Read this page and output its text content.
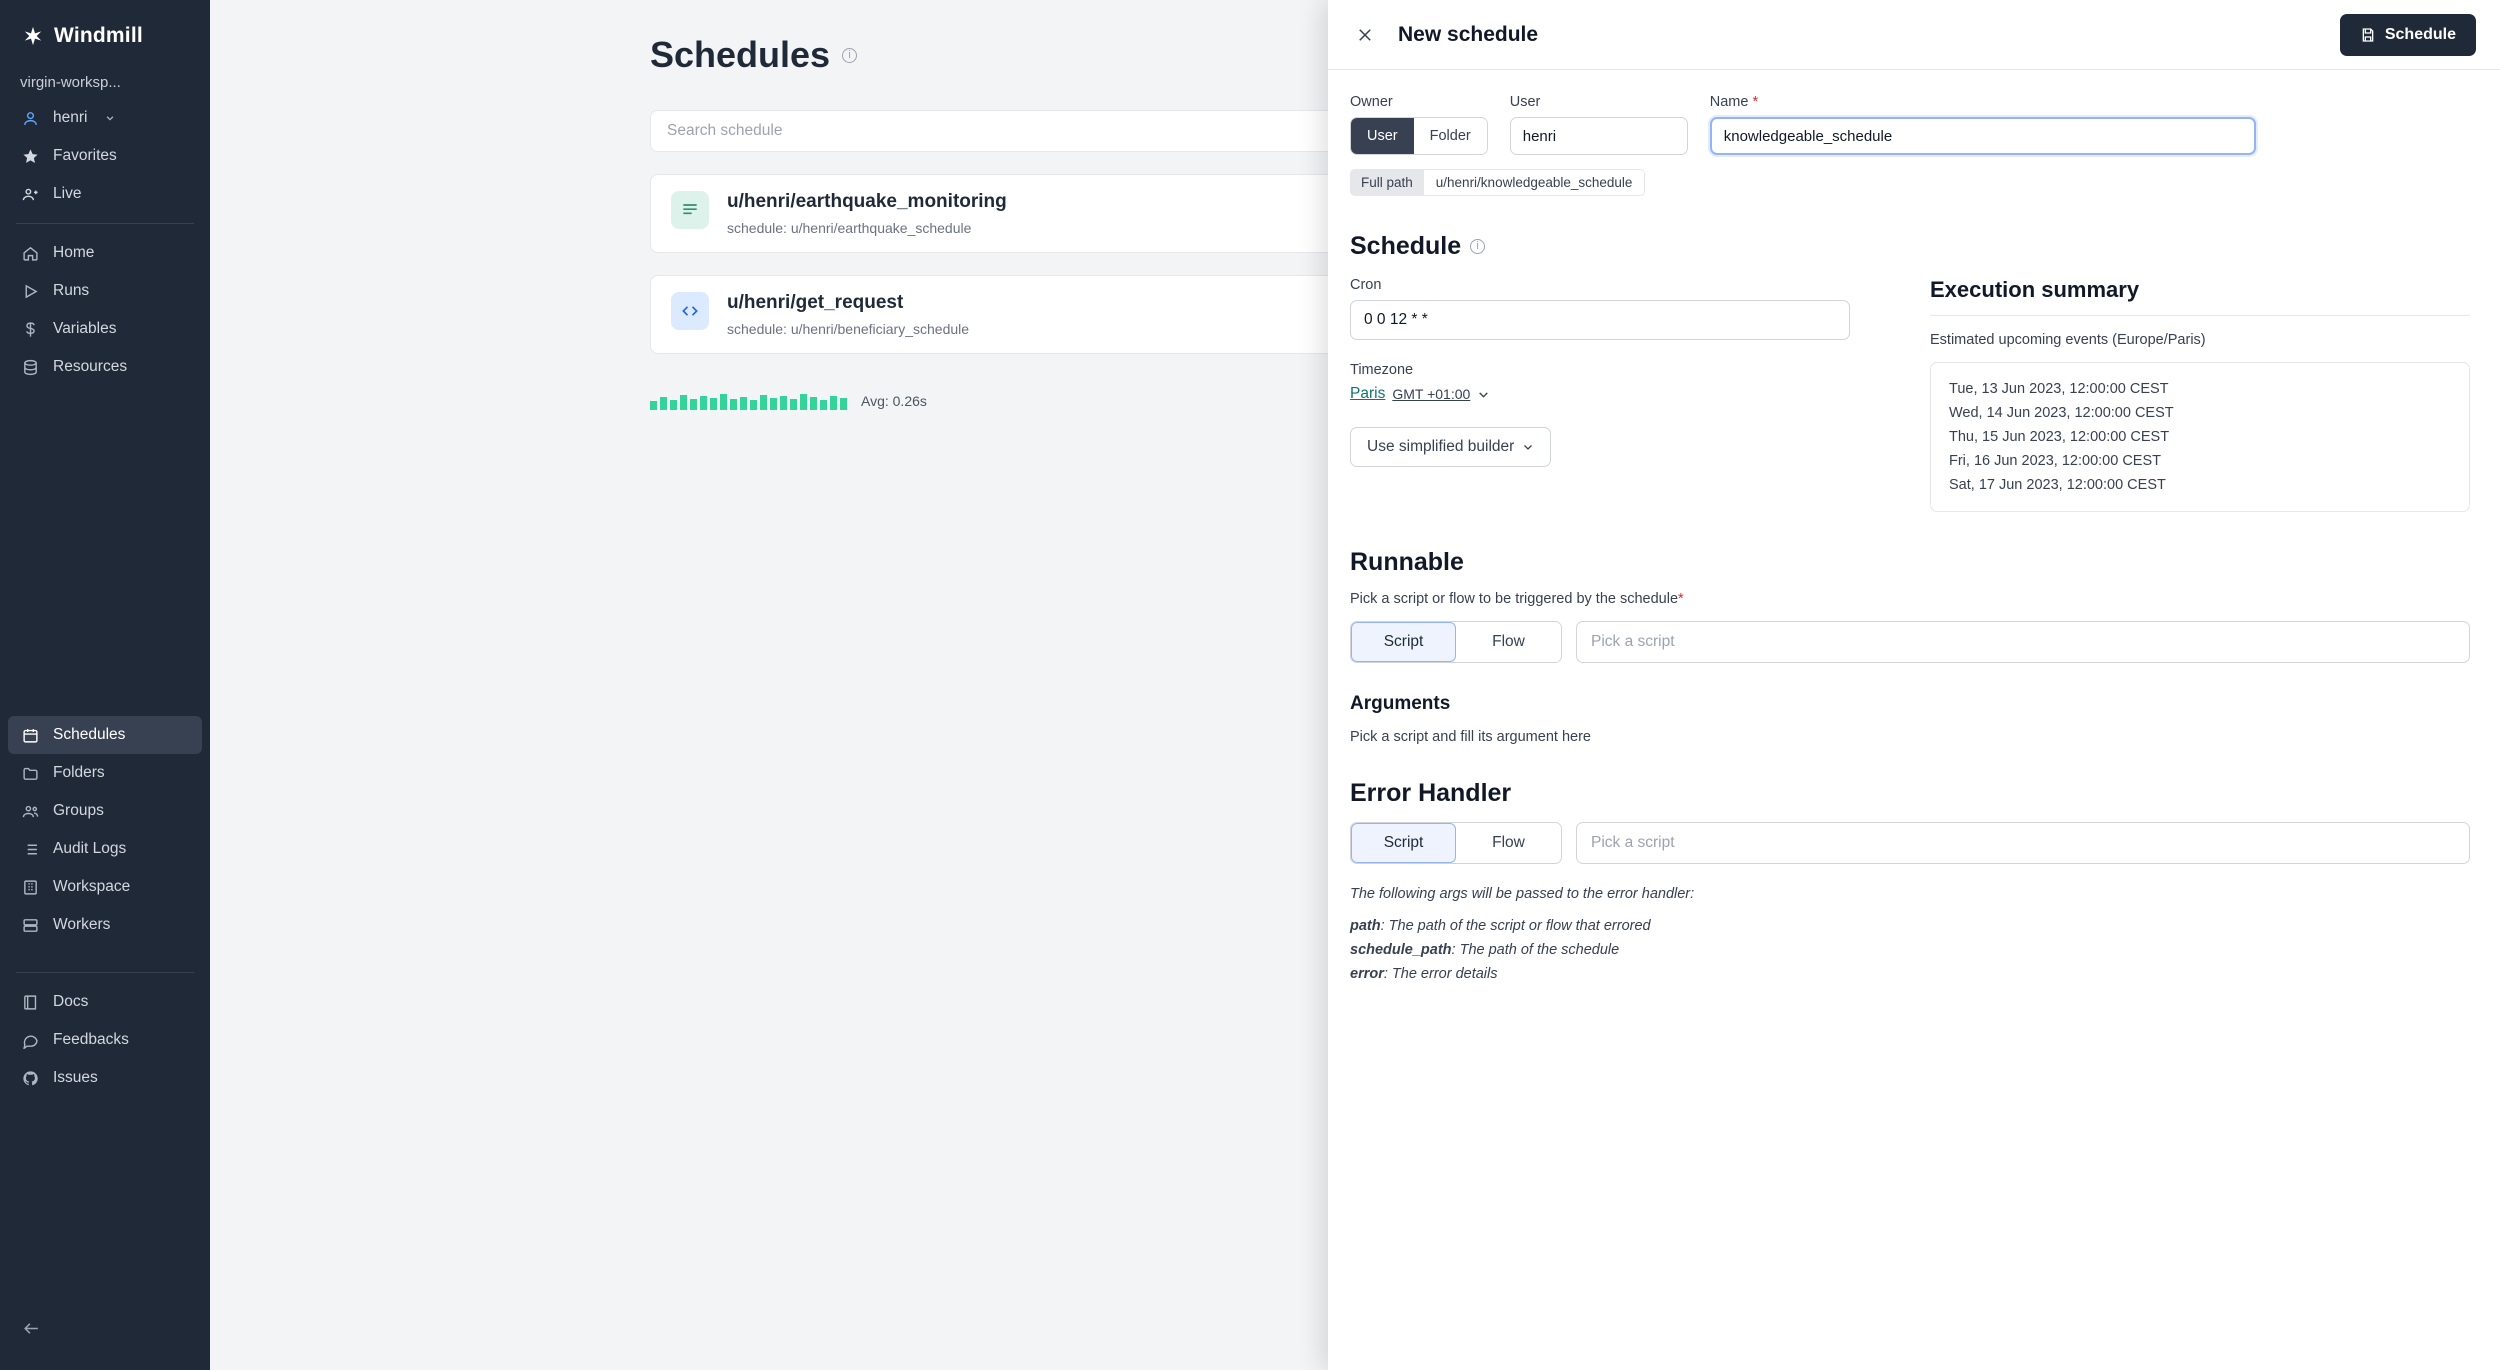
Windmill
virgin-worksp...
henri
Favorites
Live
Home
Runs
Variables
Resources
Schedules
Folders
Groups
Audit Logs
Workspace
Workers
Docs
Feedbacks
Issues
Schedules	i
Search schedule
u/henri/earthquake_monitoring
schedule: u/henri/earthquake_schedule
u/henri/get_request
schedule: u/henri/beneficiary_schedule
Avg: 0.26s
New schedule	Schedule
Owner
User	Folder
User
henri
Name *
knowledgeable_schedule
Full path	u/henri/knowledgeable_schedule
Schedule	i
Cron
0 0 12 * *
Timezone
Paris GMT +01:00
Use simplified builder
Execution summary
Estimated upcoming events (Europe/Paris)
Tue, 13 Jun 2023, 12:00:00 CEST
Wed, 14 Jun 2023, 12:00:00 CEST
Thu, 15 Jun 2023, 12:00:00 CEST
Fri, 16 Jun 2023, 12:00:00 CEST
Sat, 17 Jun 2023, 12:00:00 CEST
Runnable
Pick a script or flow to be triggered by the schedule*
Script	Flow	Pick a script
Arguments
Pick a script and fill its argument here
Error Handler
Script	Flow	Pick a script
The following args will be passed to the error handler:
path: The path of the script or flow that errored
schedule_path: The path of the schedule
error: The error details
